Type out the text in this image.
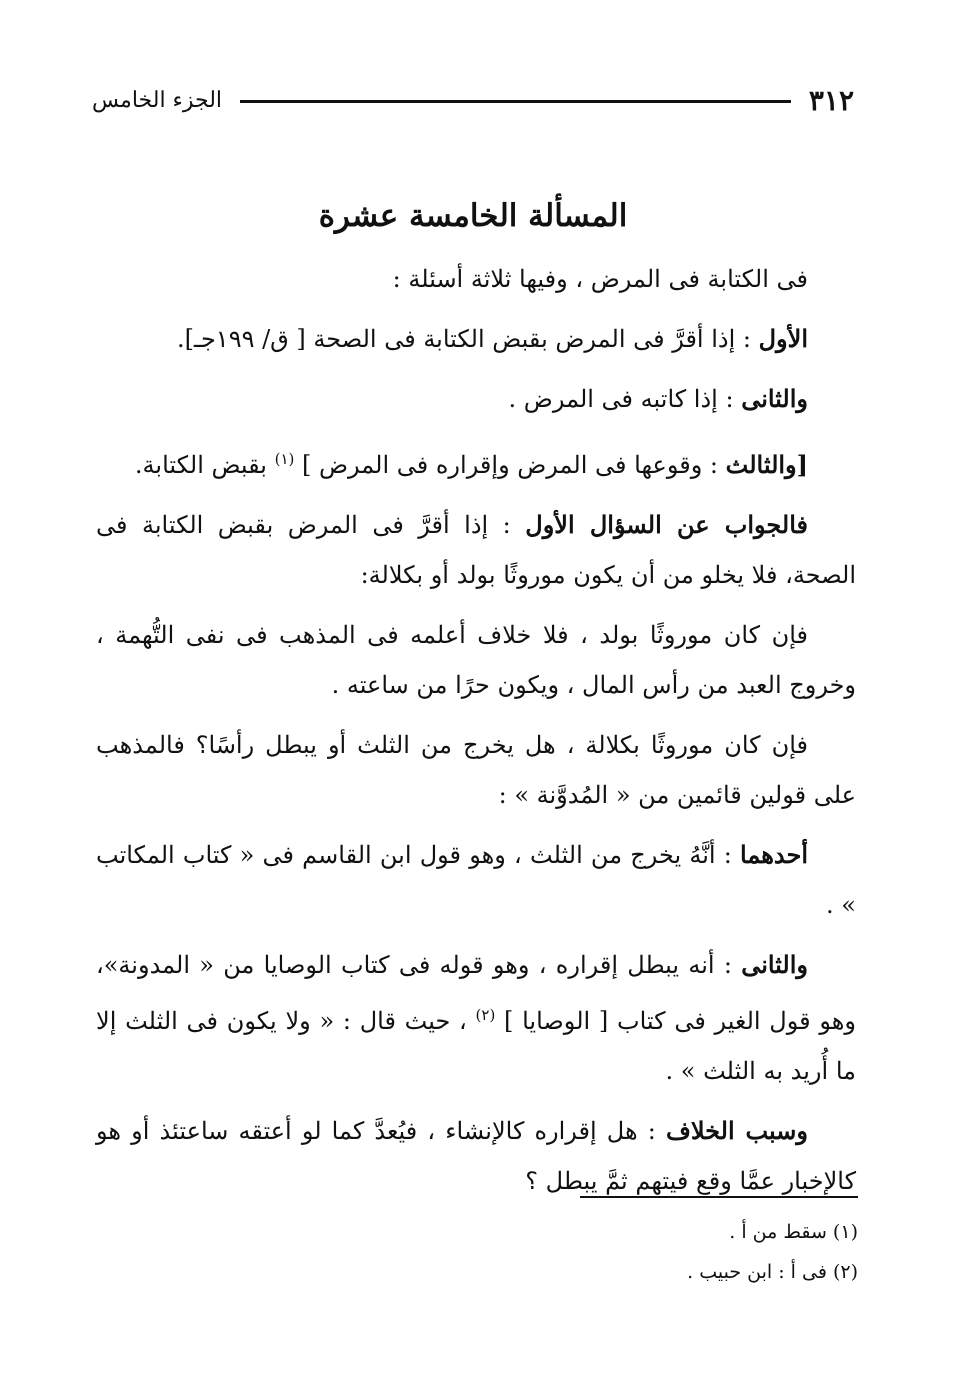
٣١٢
الجزء الخامس
المسألة الخامسة عشرة

فى الكتابة فى المرض ، وفيها ثلاثة أسئلة :

الأول : إذا أقرَّ فى المرض بقبض الكتابة فى الصحة [ ق/ ١٩٩جـ].

والثانى : إذا كاتبه فى المرض .

[والثالث : وقوعها فى المرض وإقراره فى المرض ] $^{(١)}$ بقبض الكتابة.

فالجواب عن السؤال الأول : إذا أقرَّ فى المرض بقبض الكتابة فى الصحة، فلا يخلو من أن يكون موروثًا بولد أو بكلالة:

فإن كان موروثًا بولد ، فلا خلاف أعلمه فى المذهب فى نفى التُّهمة ، وخروج العبد من رأس المال ، ويكون حرًا من ساعته .

فإن كان موروثًا بكلالة ، هل يخرج من الثلث أو يبطل رأسًا؟ فالمذهب على قولين قائمين من « المُدوَّنة » :

أحدهما : أنَّهُ يخرج من الثلث ، وهو قول ابن القاسم فى « كتاب المكاتب » .

والثانى : أنه يبطل إقراره ، وهو قوله فى كتاب الوصايا من « المدونة»، وهو قول الغير فى كتاب [ الوصايا ] $^{(٢)}$ ، حيث قال : « ولا يكون فى الثلث إلا ما أُريد به الثلث » .

وسبب الخلاف : هل إقراره كالإنشاء ، فيُعدَّ كما لو أعتقه ساعتئذ أو هو كالإخبار عمَّا وقع فيتهم ثمَّ يبطل ؟

(١) سقط من أ .
(٢) فى أ : ابن حبيب .
